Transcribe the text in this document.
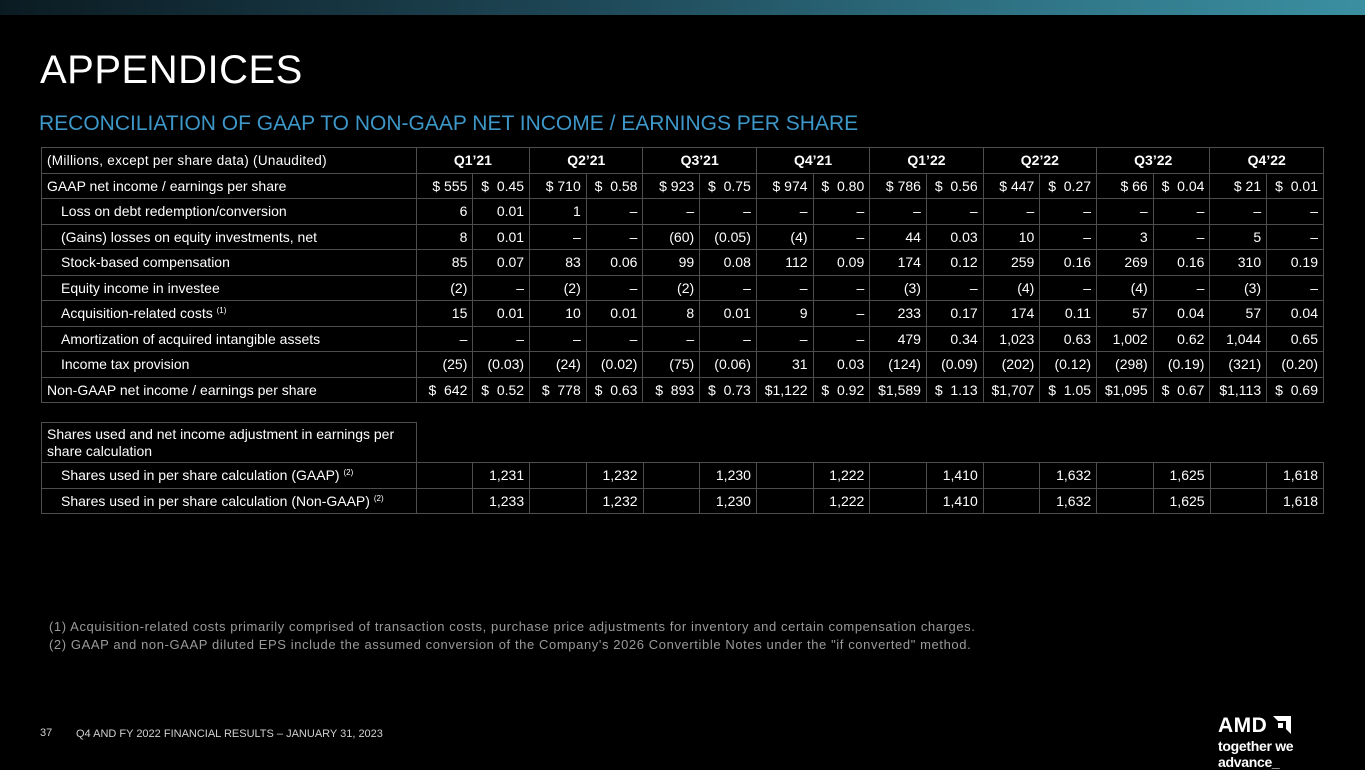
APPENDICES
RECONCILIATION OF GAAP TO NON-GAAP NET INCOME / EARNINGS PER SHARE
(Millions, except per share data) (Unaudited)	Q1’21		Q2’21		Q3’21		Q4’21		Q1’22		Q2’22		Q3’22		Q4’22	
GAAP net income / earnings per share	$ 555	$  0.45	$ 710	$  0.58	$ 923	$  0.75	$ 974	$  0.80	$ 786	$  0.56	$ 447	$  0.27	$ 66	$  0.04	$ 21	$  0.01
Loss on debt redemption/conversion	6	0.01	1	–	–	–	–	–	–	–	–	–	–	–	–	–
(Gains) losses on equity investments, net	8	0.01	–	–	(60)	(0.05)	(4)	–	44	0.03	10	–	3	–	5	–
Stock-based compensation	85	0.07	83	0.06	99	0.08	112	0.09	174	0.12	259	0.16	269	0.16	310	0.19
Equity income in investee	(2)	–	(2)	–	(2)	–	–	–	(3)	–	(4)	–	(4)	–	(3)	–
Acquisition-related costs $^{(1)}$	15	0.01	10	0.01	8	0.01	9	–	233	0.17	174	0.11	57	0.04	57	0.04
Amortization of acquired intangible assets	–	–	–	–	–	–	–	–	479	0.34	1,023	0.63	1,002	0.62	1,044	0.65
Income tax provision	(25)	(0.03)	(24)	(0.02)	(75)	(0.06)	31	0.03	(124)	(0.09)	(202)	(0.12)	(298)	(0.19)	(321)	(0.20)
Non-GAAP net income / earnings per share	$  642	$  0.52	$  778	$  0.63	$  893	$  0.73	$1,122	$  0.92	$1,589	$  1.13	$1,707	$  1.05	$1,095	$  0.67	$1,113	$  0.69
Shares used and net income adjustment in earnings per share calculation																
Shares used in per share calculation (GAAP) $^{(2)}$		1,231		1,232		1,230		1,222		1,410		1,632		1,625		1,618
Shares used in per share calculation (Non-GAAP) $^{(2)}$		1,233		1,232		1,230		1,222		1,410		1,632		1,625		1,618
(1) Acquisition-related costs primarily comprised of transaction costs, purchase price adjustments for inventory and certain compensation charges.
(2) GAAP and non-GAAP diluted EPS include the assumed conversion of the Company's 2026 Convertible Notes under the "if converted" method.
37 Q4 AND FY 2022 FINANCIAL RESULTS – JANUARY 31, 2023	AMD
together we advance_
